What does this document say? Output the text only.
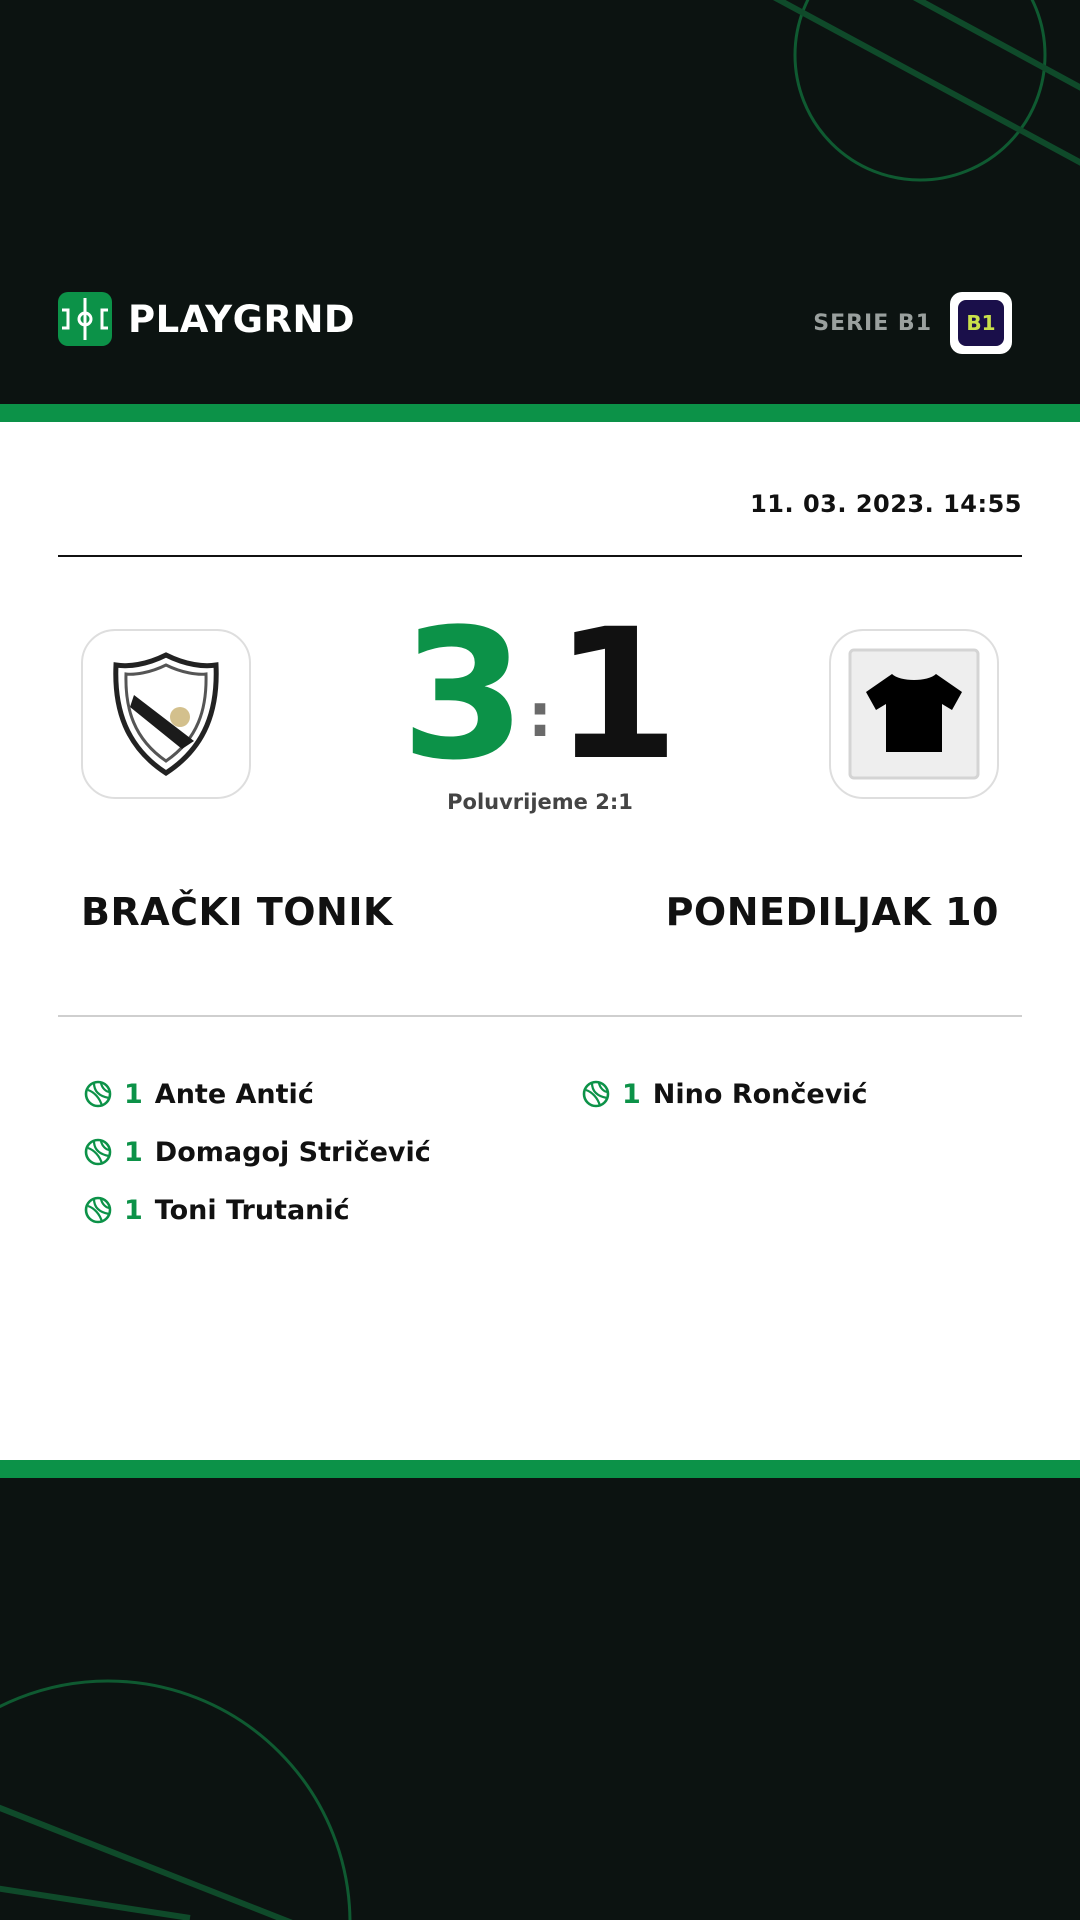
PLAYGRND	SERIE B1	B1
11. 03. 2023. 14:55
3 : 1
Poluvrijeme 2:1
BRAČKI TONIK	PONEDILJAK 10
1 Ante Antić
1 Domagoj Stričević
1 Toni Trutanić
1 Nino Rončević
